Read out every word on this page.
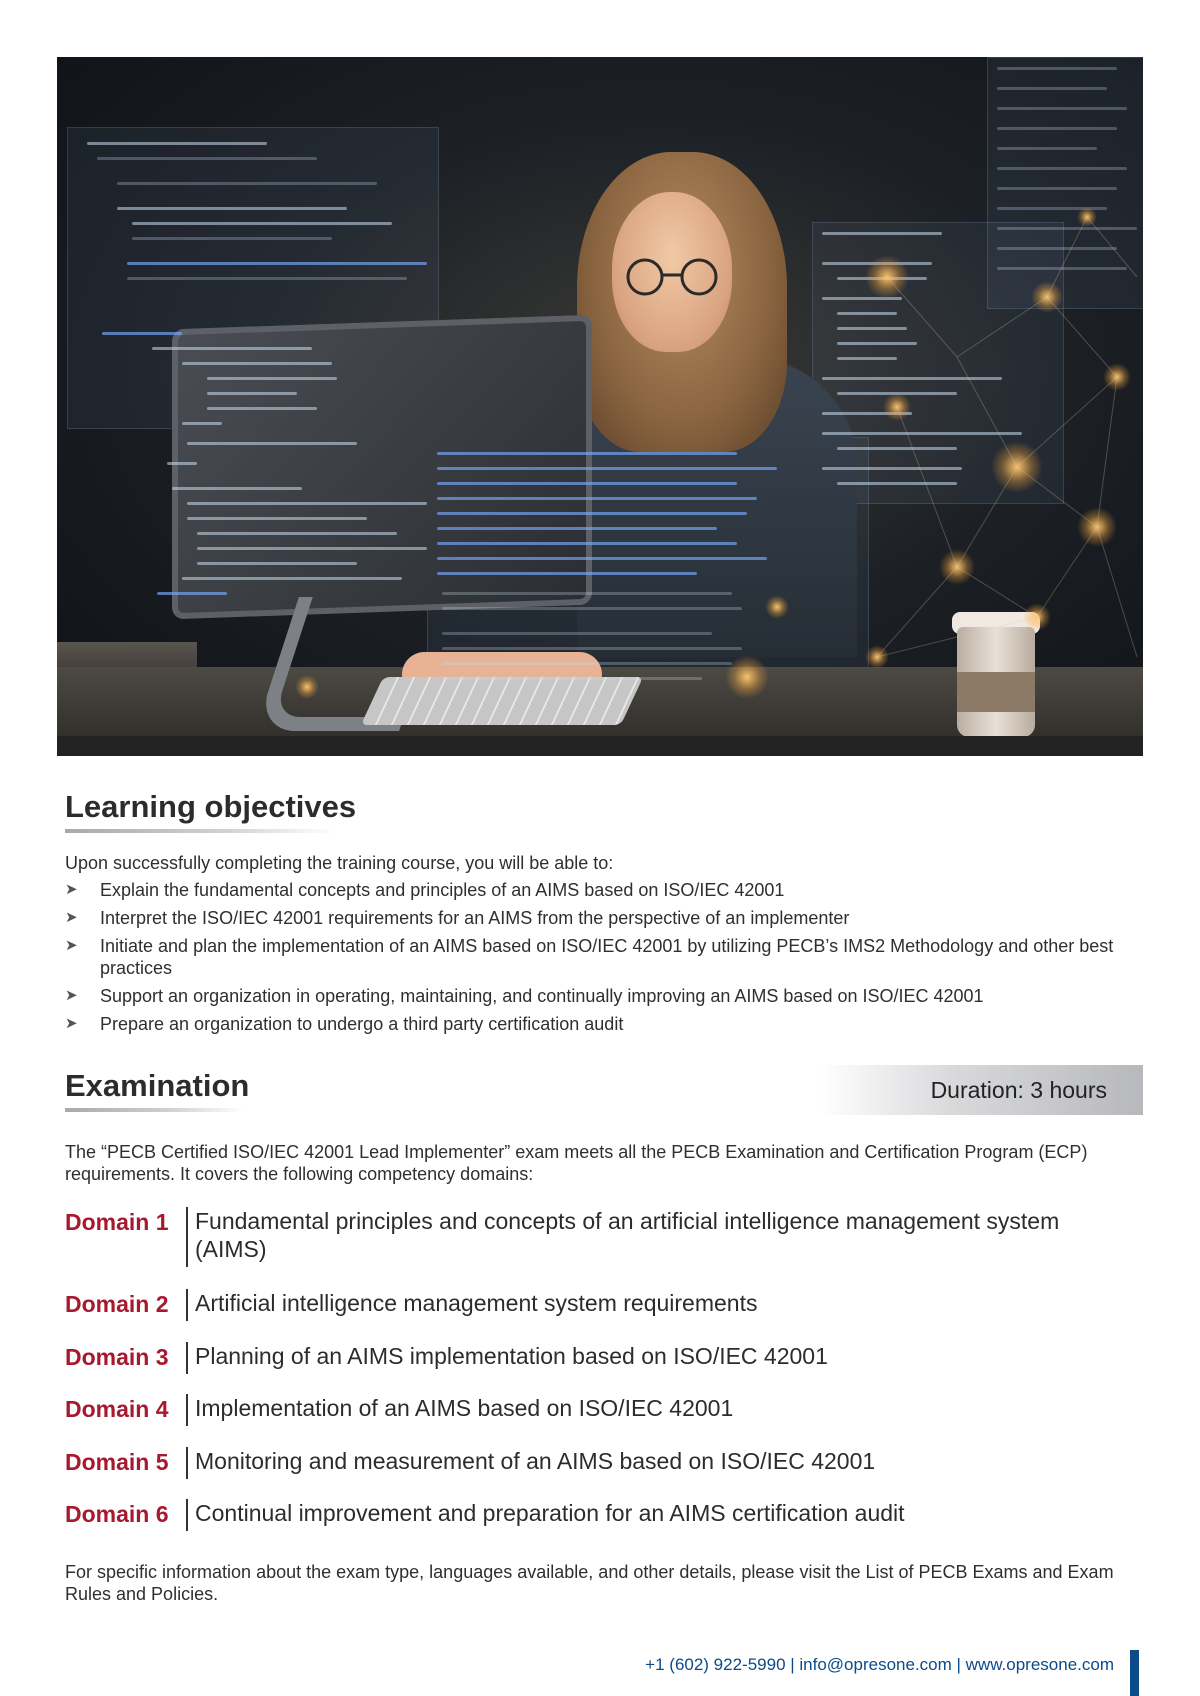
Learning objectives

Upon successfully completing the training course, you will be able to:

➤ Explain the fundamental concepts and principles of an AIMS based on ISO/IEC 42001
➤ Interpret the ISO/IEC 42001 requirements for an AIMS from the perspective of an implementer
➤ Initiate and plan the implementation of an AIMS based on ISO/IEC 42001 by utilizing PECB’s IMS2 Methodology and other best practices
➤ Support an organization in operating, maintaining, and continually improving an AIMS based on ISO/IEC 42001
➤ Prepare an organization to undergo a third party certification audit
Examination	Duration: 3 hours

The “PECB Certified ISO/IEC 42001 Lead Implementer” exam meets all the PECB Examination and Certification Program (ECP) requirements. It covers the following competency domains:

Domain 1 Fundamental principles and concepts of an artificial intelligence management system (AIMS)
Domain 2 Artificial intelligence management system requirements
Domain 3 Planning of an AIMS implementation based on ISO/IEC 42001
Domain 4 Implementation of an AIMS based on ISO/IEC 42001
Domain 5 Monitoring and measurement of an AIMS based on ISO/IEC 42001
Domain 6 Continual improvement and preparation for an AIMS certification audit

For specific information about the exam type, languages available, and other details, please visit the List of PECB Exams and Exam Rules and Policies.

+1 (602) 922-5990 | info@opresone.com | www.opresone.com
